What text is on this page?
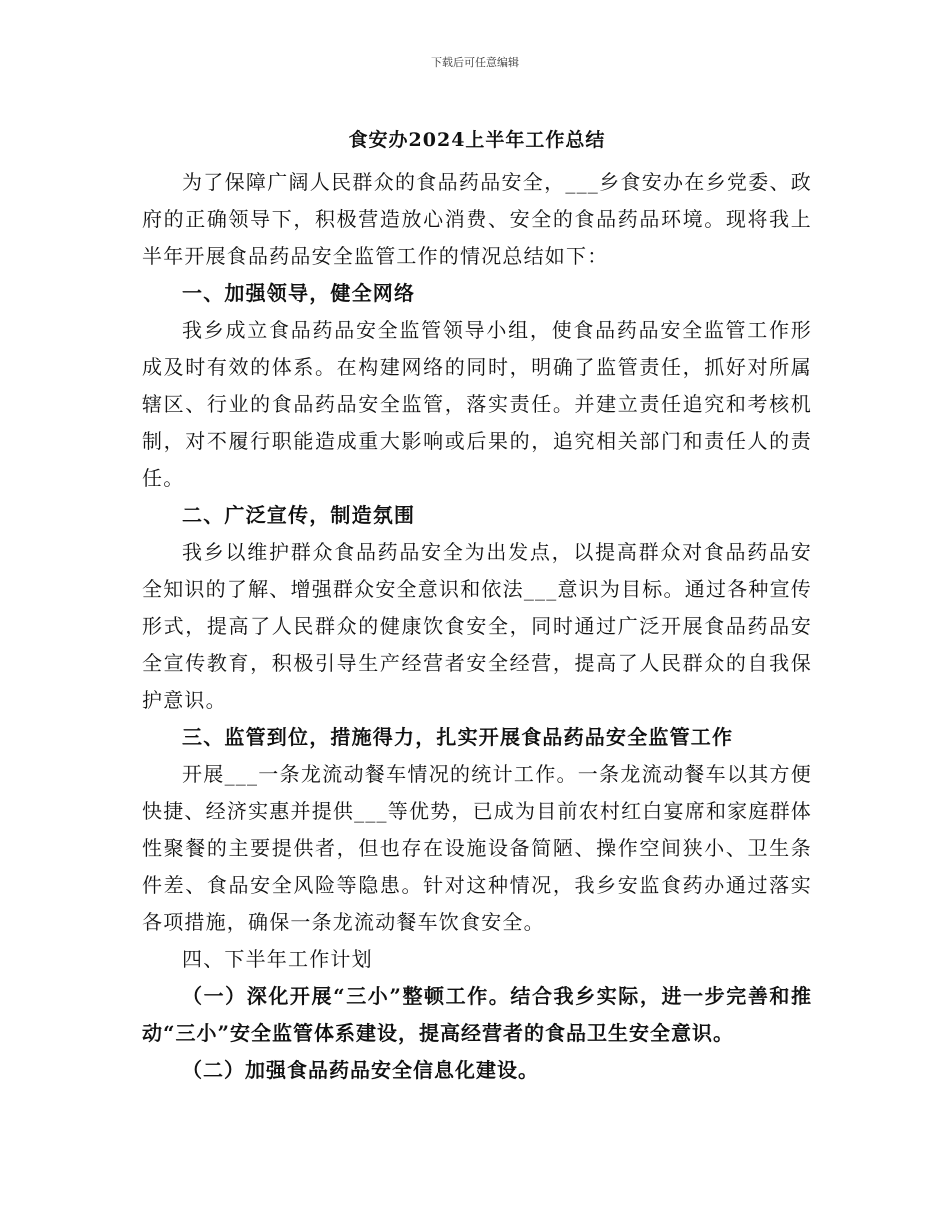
下载后可任意编辑
食安办2024上半年工作总结

为了保障广阔人民群众的食品药品安全，___乡食安办在乡党委、政府的正确领导下，积极营造放心消费、安全的食品药品环境。现将我上半年开展食品药品安全监管工作的情况总结如下：

一、加强领导，健全网络

我乡成立食品药品安全监管领导小组，使食品药品安全监管工作形成及时有效的体系。在构建网络的同时，明确了监管责任，抓好对所属辖区、行业的食品药品安全监管，落实责任。并建立责任追究和考核机制，对不履行职能造成重大影响或后果的，追究相关部门和责任人的责任。

二、广泛宣传，制造氛围

我乡以维护群众食品药品安全为出发点，以提高群众对食品药品安全知识的了解、增强群众安全意识和依法___意识为目标。通过各种宣传形式，提高了人民群众的健康饮食安全，同时通过广泛开展食品药品安全宣传教育，积极引导生产经营者安全经营，提高了人民群众的自我保护意识。

三、监管到位，措施得力，扎实开展食品药品安全监管工作

开展___一条龙流动餐车情况的统计工作。一条龙流动餐车以其方便快捷、经济实惠并提供___等优势，已成为目前农村红白宴席和家庭群体性聚餐的主要提供者，但也存在设施设备简陋、操作空间狭小、卫生条件差、食品安全风险等隐患。针对这种情况，我乡安监食药办通过落实各项措施，确保一条龙流动餐车饮食安全。

四、下半年工作计划

（一）深化开展“三小”整顿工作。结合我乡实际，进一步完善和推动“三小”安全监管体系建设，提高经营者的食品卫生安全意识。

（二）加强食品药品安全信息化建设。
